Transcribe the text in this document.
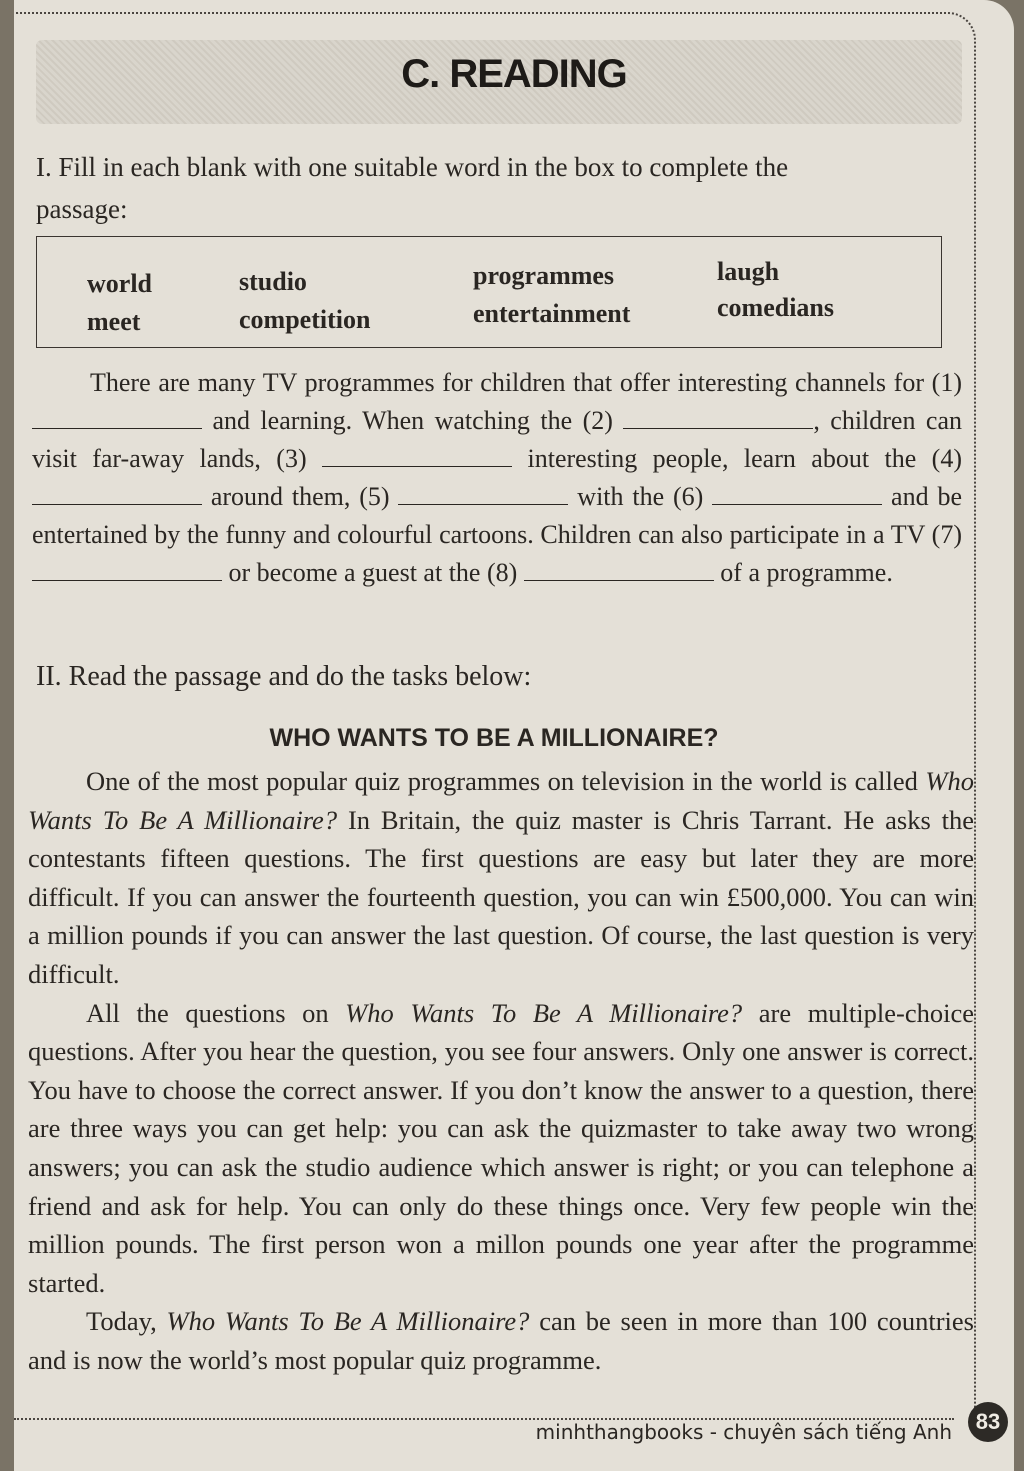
C. READING
I. Fill in each blank with one suitable word in the box to complete the
passage:
world	studio	programmes	laugh
meet	competition	entertainment	comedians

There are many TV programmes for children that offer interesting channels for (1)  and learning. When watching the (2)	, children can visit far-away lands, (3)	interesting people, learn about the (4)  around them, (5)	with the (6)	and be entertained by the funny and colourful cartoons. Children can also participate in a TV (7)  or become a guest at the (8)	of a programme.

II. Read the passage and do the tasks below:
WHO WANTS TO BE A MILLIONAIRE?

One of the most popular quiz programmes on television in the world is called Who Wants To Be A Millionaire? In Britain, the quiz master is Chris Tarrant. He asks the contestants fifteen questions. The first questions are easy but later they are more difficult. If you can answer the fourteenth question, you can win £500,000. You can win a million pounds if you can answer the last question. Of course, the last question is very difficult.

All the questions on Who Wants To Be A Millionaire? are multiple-choice questions. After you hear the question, you see four answers. Only one answer is correct. You have to choose the correct answer. If you don’t know the answer to a question, there are three ways you can get help: you can ask the quizmaster to take away two wrong answers; you can ask the studio audience which answer is right; or you can telephone a friend and ask for help. You can only do these things once. Very few people win the million pounds. The first person won a millon pounds one year after the programme started.

Today, Who Wants To Be A Millionaire? can be seen in more than 100 countries and is now the world’s most popular quiz programme.

minhthangbooks - chuyên sách tiếng Anh	83
